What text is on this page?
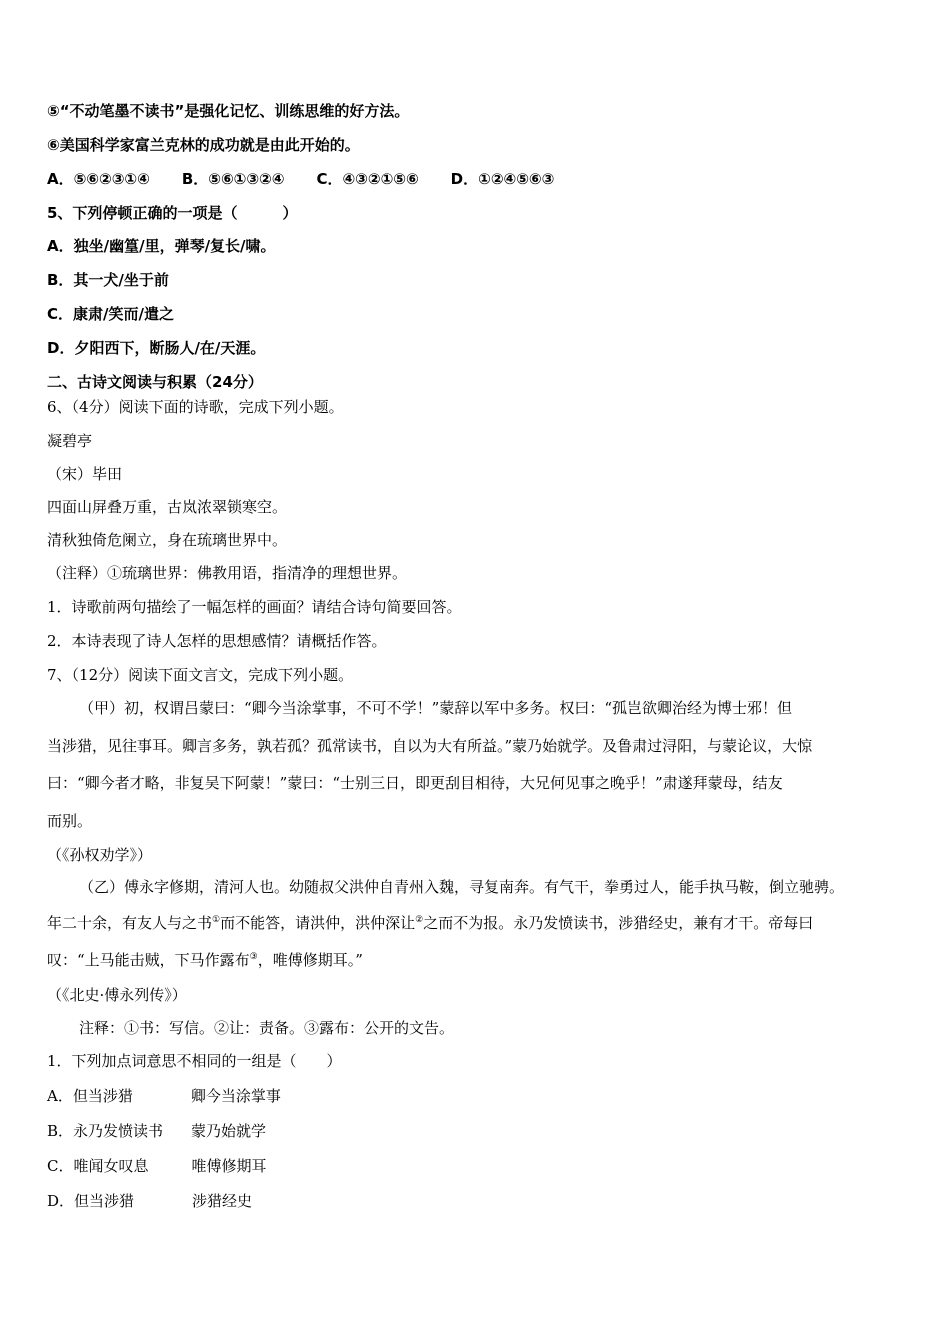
⑤“不动笔墨不读书”是强化记忆、训练思维的好方法。
⑥美国科学家富兰克林的成功就是由此开始的。
A．⑤⑥②③①④ B．⑤⑥①③②④ C．④③②①⑤⑥ D．①②④⑤⑥③
5、下列停顿正确的一项是（　　　）
A．独坐/幽篁/里，弹琴/复长/啸。
B．其一犬/坐于前
C．康肃/笑而/遣之
D．夕阳西下，断肠人/在/天涯。
二、古诗文阅读与积累（24分）
6、（4分）阅读下面的诗歌，完成下列小题。
凝碧亭
（宋）毕田
四面山屏叠万重，古岚浓翠锁寒空。
清秋独倚危阑立，身在琉璃世界中。
（注释）①琉璃世界：佛教用语，指清净的理想世界。
1．诗歌前两句描绘了一幅怎样的画面？请结合诗句简要回答。
2．本诗表现了诗人怎样的思想感情？请概括作答。
7、（12分）阅读下面文言文，完成下列小题。
（甲）初，权谓吕蒙曰：“卿今当涂掌事，不可不学！”蒙辞以军中多务。权曰：“孤岂欲卿治经为博士邪！但
当涉猎，见往事耳。卿言多务，孰若孤？孤常读书，自以为大有所益。”蒙乃始就学。及鲁肃过浔阳，与蒙论议，大惊
曰：“卿今者才略，非复吴下阿蒙！”蒙曰：“士别三日，即更刮目相待，大兄何见事之晚乎！”肃遂拜蒙母，结友
而别。
（《孙权劝学》）
（乙）傅永字修期，清河人也。幼随叔父洪仲自青州入魏，寻复南奔。有气干，拳勇过人，能手执马鞍，倒立驰骋。
年二十余，有友人与之书①而不能答，请洪仲，洪仲深让②之而不为报。永乃发愤读书，涉猎经史，兼有才干。帝每曰
叹：“上马能击贼，下马作露布③，唯傅修期耳。”
（《北史·傅永列传》）
注释：①书：写信。②让：责备。③露布：公开的文告。
1．下列加点词意思不相同的一组是（　　）
A．但当涉猎	卿今当涂掌事
B．永乃发愤读书 蒙乃始就学
C．唯闻女叹息	唯傅修期耳
D．但当涉猎	涉猎经史
